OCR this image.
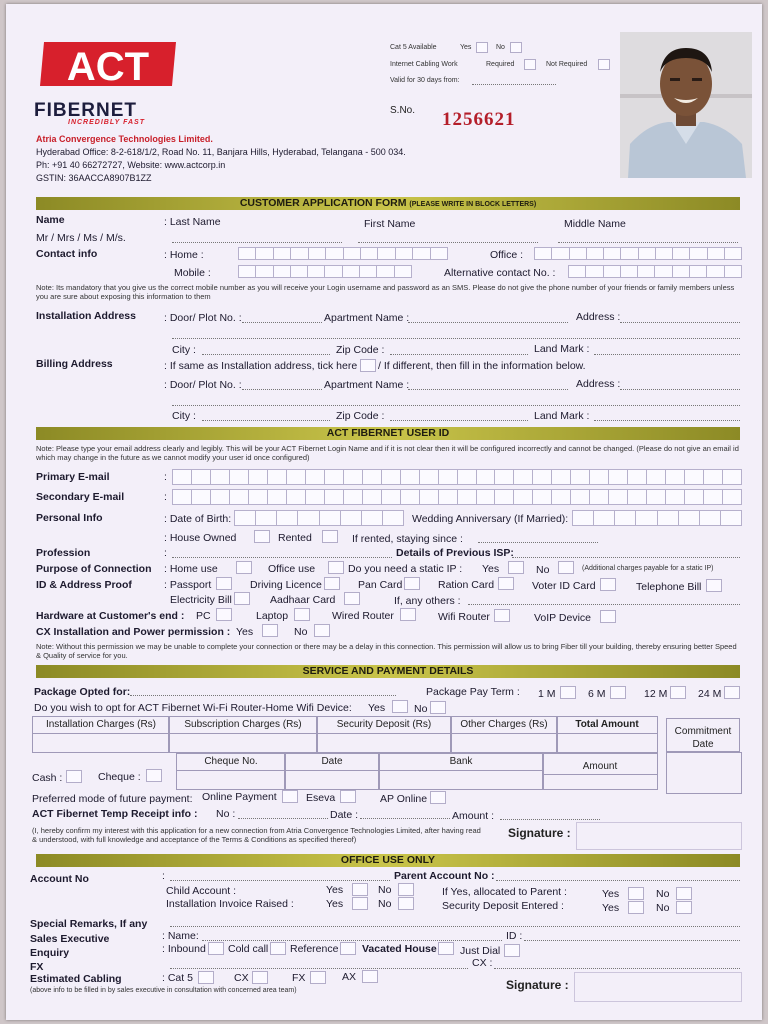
ACT
FIBERNET
INCREDIBLY FAST
Atria Convergence Technologies Limited.
Hyderabad Office: 8-2-618/1/2, Road No. 11, Banjara Hills, Hyderabad, Telangana - 500 034.
Ph: +91 40 66272727, Website: www.actcorp.in
GSTIN: 36AACCA8907B1ZZ
Cat 5 Available	Yes	No
Internet Cabling Work	Required	Not Required
Valid for 30 days from:
S.No. 1256621
CUSTOMER APPLICATION FORM (PLEASE WRITE IN BLOCK LETTERS)
Name
Mr / Mrs / Ms / M/s.
: Last Name	First Name	Middle Name
Contact info	: Home :	Office :
Mobile :	Alternative contact No. :
Note: Its mandatory that you give us the correct mobile number as you will receive your Login username and password as an SMS. Please do not give the phone number of your friends or family members unless you are sure about exposing this information to them
Installation Address	: Door/ Plot No. :	Apartment Name :	Address :
City :	Zip Code :	Land Mark :
Billing Address	: If same as Installation address, tick here / If different, then fill in the information below.
: Door/ Plot No. :	Apartment Name :	Address :
City :	Zip Code :	Land Mark :
ACT FIBERNET USER ID
Note: Please type your email address clearly and legibly. This will be your ACT Fibernet Login Name and if it is not clear then it will be configured incorrectly and cannot be changed. (Please do not give an email id which may change in the future as we cannot modify your user id once configured)
Primary E-mail	:
Secondary E-mail	:
Personal Info	: Date of Birth:	Wedding Anniversary (If Married):
: House Owned	Rented	If rented, staying since :
Profession	:	Details of Previous ISP:
Purpose of Connection : Home use	Office use	Do you need a static IP : Yes	No	(Additional charges payable for a static IP)
ID & Address Proof	: Passport	Driving Licence	Pan Card	Ration Card	Voter ID Card	Telephone Bill
Electricity Bill	Aadhaar Card	If, any others :
Hardware at Customer's end : PC	Laptop	Wired Router	Wifi Router	VoIP Device
CX Installation and Power permission : Yes	No
Note: Without this permission we may be unable to complete your connection or there may be a delay in this connection. This permission will allow us to bring Fiber till your building, thereby ensuring better Speed & Quality of service for you.
SERVICE AND PAYMENT DETAILS
Package Opted for:	Package Pay Term : 1 M	6 M	12 M	24 M
Do you wish to opt for ACT Fibernet Wi-Fi Router-Home Wifi Device: Yes	No
Installation Charges (Rs)	Subscription Charges (Rs)	Security Deposit (Rs)	Other Charges (Rs)	Total Amount
Commitment Date
Cheque No.	Date	Bank	Amount
Cash :	Cheque :
Preferred mode of future payment: Online Payment	Eseva	AP Online
ACT Fibernet Temp Receipt info : No :	Date :	Amount :
(I, hereby confirm my interest with this application for a new connection from Atria Convergence Technologies Limited, after having read & understood, with full knowledge and acceptance of the Terms & Conditions as specified thereof)	Signature :
OFFICE USE ONLY
Account No	:	Parent Account No :
Child Account :	Yes	No	If Yes, allocated to Parent :	Yes	No
Installation Invoice Raised :	Yes	No	Security Deposit Entered :	Yes	No
Special Remarks, If any
Sales Executive	: Name:	ID :
Enquiry	: Inbound Cold call Reference Vacated House Just Dial
FX	CX :
Estimated Cabling	: Cat 5	CX	FX	AX
(above info to be filled in by sales executive in consultation with concerned area team)	Signature :
